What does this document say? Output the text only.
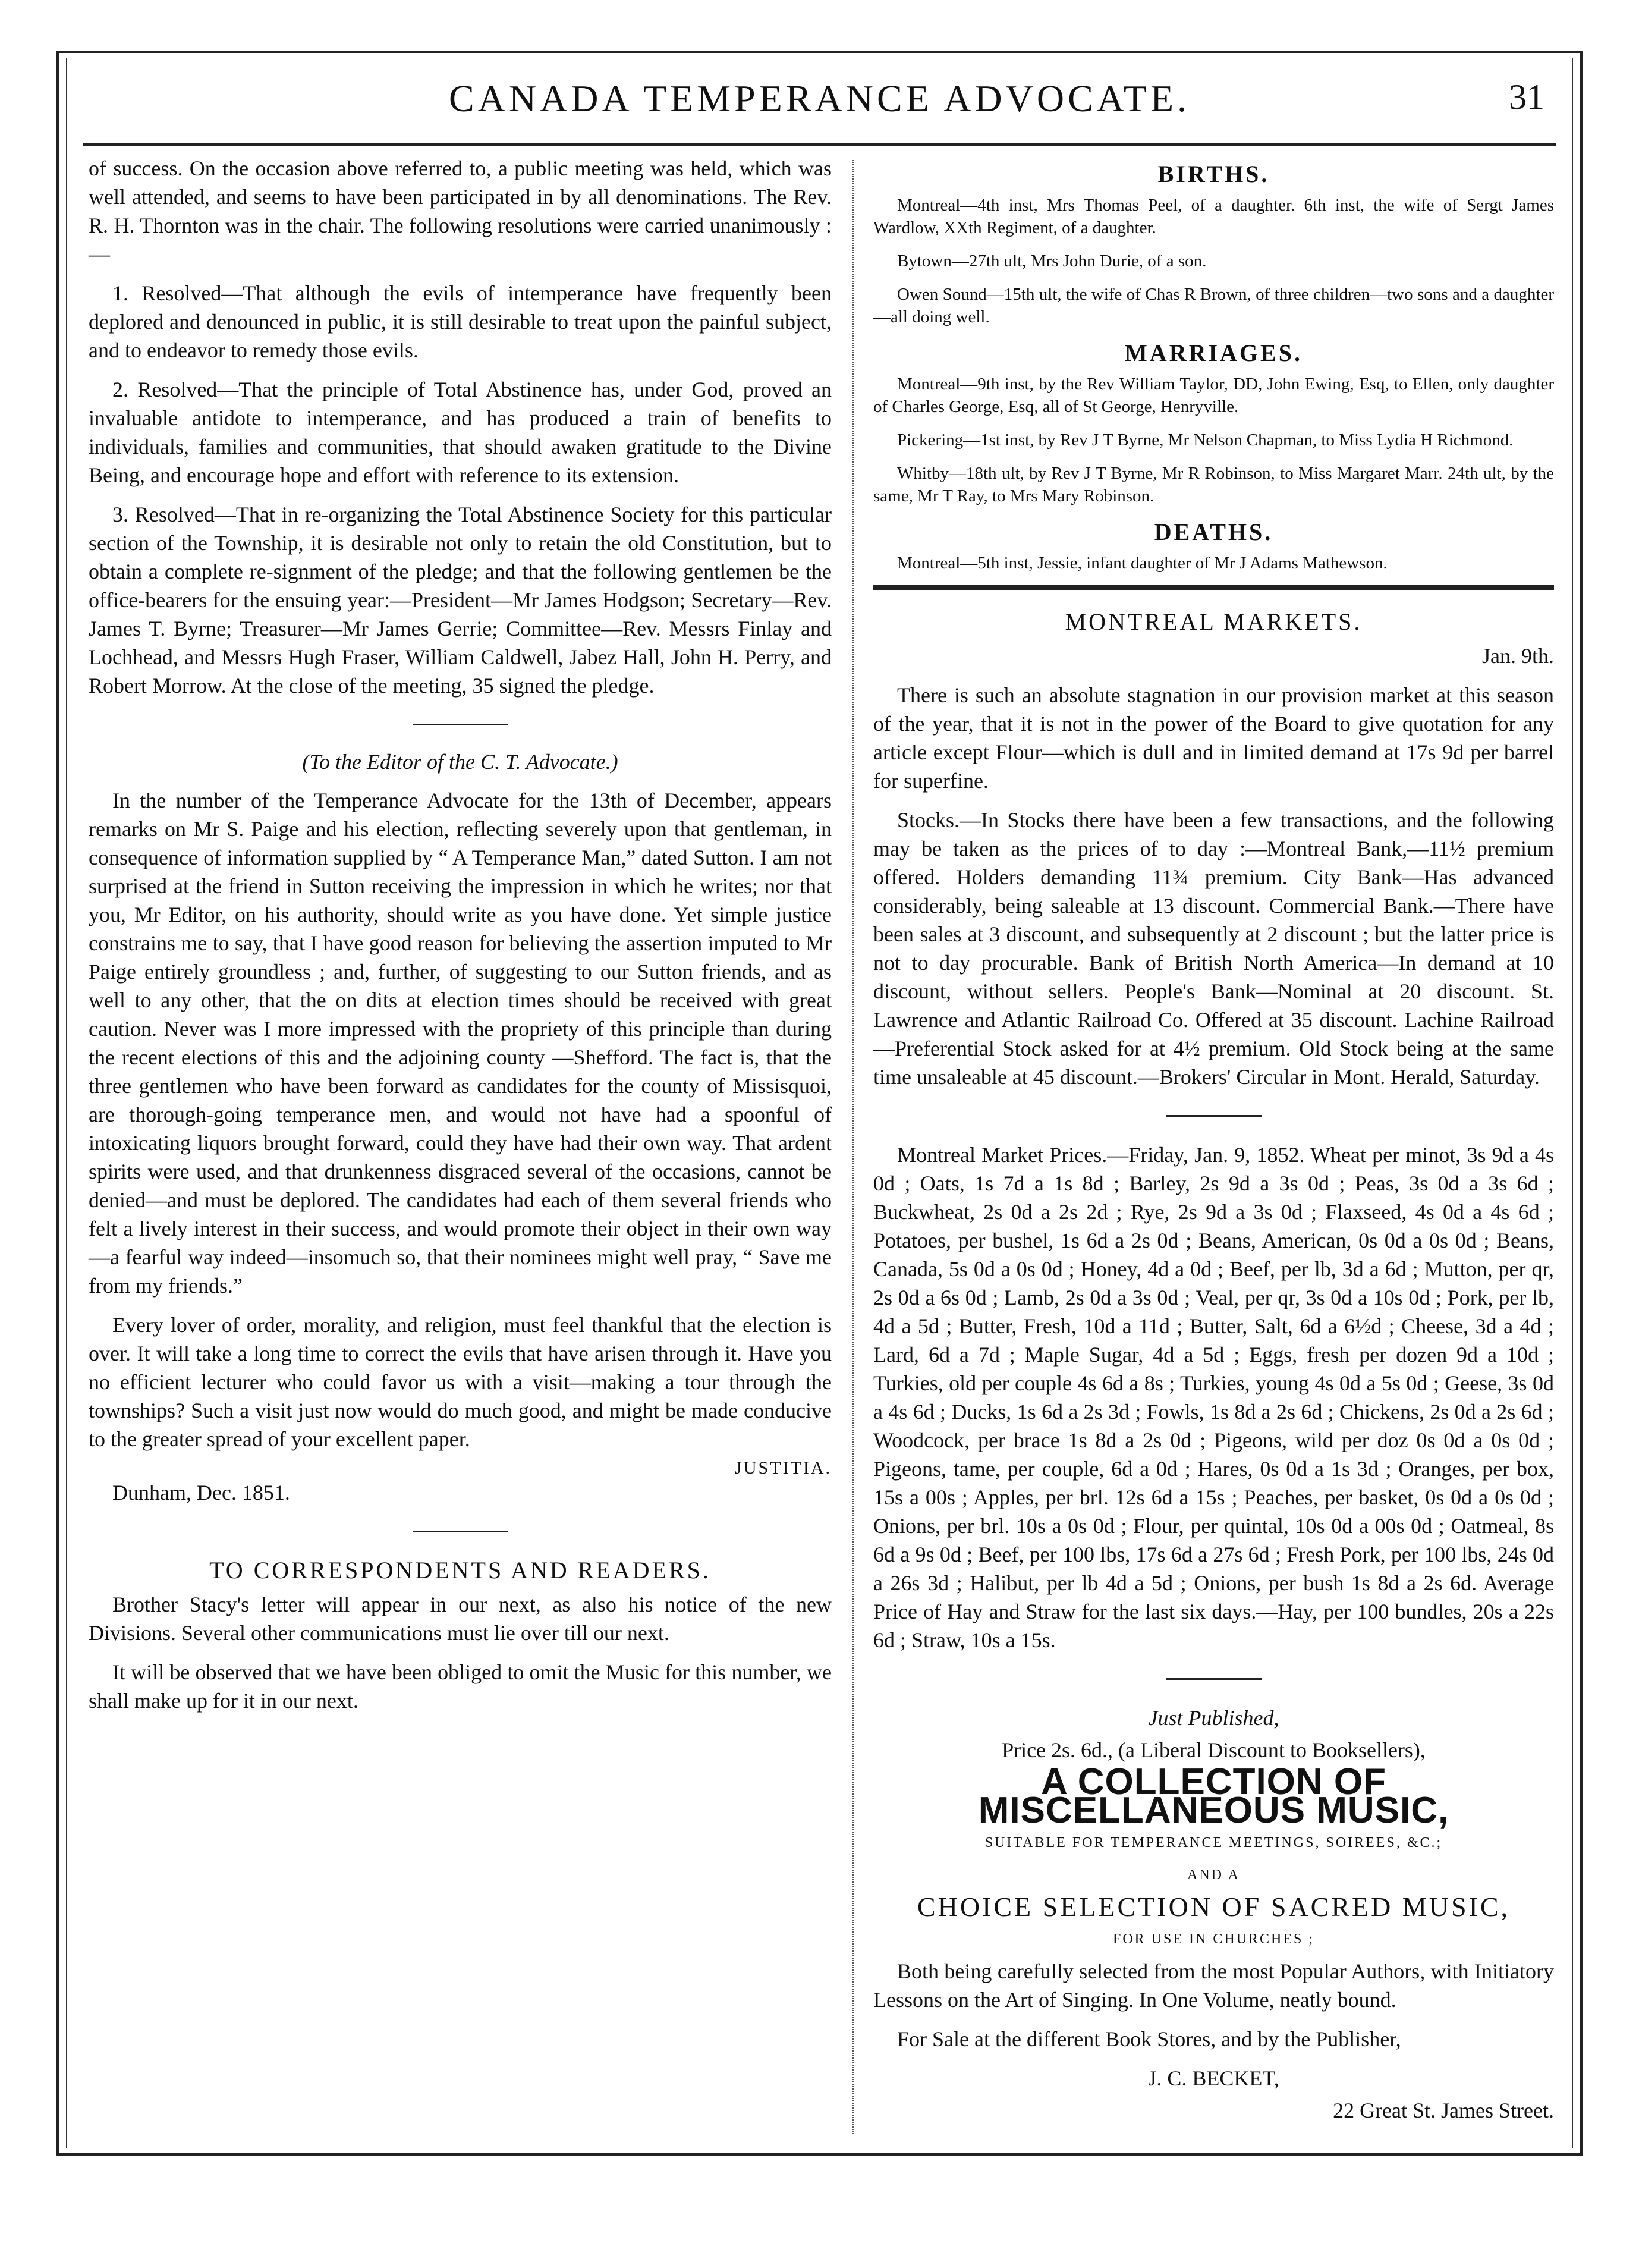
CANADA TEMPERANCE ADVOCATE.	31

of success. On the occasion above referred to, a public meeting was held, which was well attended, and seems to have been participated in by all denominations. The Rev. R. H. Thornton was in the chair. The following resolutions were carried unanimously :—

1. Resolved—That although the evils of intemperance have frequently been deplored and denounced in public, it is still desirable to treat upon the painful subject, and to endeavor to remedy those evils.

2. Resolved—That the principle of Total Abstinence has, under God, proved an invaluable antidote to intemperance, and has produced a train of benefits to individuals, families and communities, that should awaken gratitude to the Divine Being, and encourage hope and effort with reference to its extension.

3. Resolved—That in re-organizing the Total Abstinence Society for this particular section of the Township, it is desirable not only to retain the old Constitution, but to obtain a complete re-signment of the pledge; and that the following gentlemen be the office-bearers for the ensuing year:—President—Mr James Hodgson; Secretary—Rev. James T. Byrne; Treasurer—Mr James Gerrie; Committee—Rev. Messrs Finlay and Lochhead, and Messrs Hugh Fraser, William Caldwell, Jabez Hall, John H. Perry, and Robert Morrow. At the close of the meeting, 35 signed the pledge.

(To the Editor of the C. T. Advocate.)

In the number of the Temperance Advocate for the 13th of December, appears remarks on Mr S. Paige and his election, reflecting severely upon that gentleman, in consequence of information supplied by “ A Temperance Man,” dated Sutton. I am not surprised at the friend in Sutton receiving the impression in which he writes; nor that you, Mr Editor, on his authority, should write as you have done. Yet simple justice constrains me to say, that I have good reason for believing the assertion imputed to Mr Paige entirely groundless ; and, further, of suggesting to our Sutton friends, and as well to any other, that the on dits at election times should be received with great caution. Never was I more impressed with the propriety of this principle than during the recent elections of this and the adjoining county —Shefford. The fact is, that the three gentlemen who have been forward as candidates for the county of Missisquoi, are thorough-going temperance men, and would not have had a spoonful of intoxicating liquors brought forward, could they have had their own way. That ardent spirits were used, and that drunkenness disgraced several of the occasions, cannot be denied—and must be deplored. The candidates had each of them several friends who felt a lively interest in their success, and would promote their object in their own way—a fearful way indeed—insomuch so, that their nominees might well pray, “ Save me from my friends.”

Every lover of order, morality, and religion, must feel thankful that the election is over. It will take a long time to correct the evils that have arisen through it. Have you no efficient lecturer who could favor us with a visit—making a tour through the townships? Such a visit just now would do much good, and might be made conducive to the greater spread of your excellent paper.

JUSTITIA.

Dunham, Dec. 1851.

TO CORRESPONDENTS AND READERS.

Brother Stacy's letter will appear in our next, as also his notice of the new Divisions. Several other communications must lie over till our next.

It will be observed that we have been obliged to omit the Music for this number, we shall make up for it in our next.

BIRTHS.

Montreal—4th inst, Mrs Thomas Peel, of a daughter. 6th inst, the wife of Sergt James Wardlow, XXth Regiment, of a daughter.

Bytown—27th ult, Mrs John Durie, of a son.

Owen Sound—15th ult, the wife of Chas R Brown, of three children—two sons and a daughter—all doing well.

MARRIAGES.

Montreal—9th inst, by the Rev William Taylor, DD, John Ewing, Esq, to Ellen, only daughter of Charles George, Esq, all of St George, Henryville.

Pickering—1st inst, by Rev J T Byrne, Mr Nelson Chapman, to Miss Lydia H Richmond.

Whitby—18th ult, by Rev J T Byrne, Mr R Robinson, to Miss Margaret Marr. 24th ult, by the same, Mr T Ray, to Mrs Mary Robinson.

DEATHS.

Montreal—5th inst, Jessie, infant daughter of Mr J Adams Mathewson.

MONTREAL MARKETS.

Jan. 9th.

There is such an absolute stagnation in our provision market at this season of the year, that it is not in the power of the Board to give quotation for any article except Flour—which is dull and in limited demand at 17s 9d per barrel for superfine.

Stocks.—In Stocks there have been a few transactions, and the following may be taken as the prices of to day :—Montreal Bank,—11½ premium offered. Holders demanding 11¾ premium. City Bank—Has advanced considerably, being saleable at 13 discount. Commercial Bank.—There have been sales at 3 discount, and subsequently at 2 discount ; but the latter price is not to day procurable. Bank of British North America—In demand at 10 discount, without sellers. People's Bank—Nominal at 20 discount. St. Lawrence and Atlantic Railroad Co. Offered at 35 discount. Lachine Railroad—Preferential Stock asked for at 4½ premium. Old Stock being at the same time unsaleable at 45 discount.—Brokers' Circular in Mont. Herald, Saturday.

Montreal Market Prices.—Friday, Jan. 9, 1852. Wheat per minot, 3s 9d a 4s 0d ; Oats, 1s 7d a 1s 8d ; Barley, 2s 9d a 3s 0d ; Peas, 3s 0d a 3s 6d ; Buckwheat, 2s 0d a 2s 2d ; Rye, 2s 9d a 3s 0d ; Flaxseed, 4s 0d a 4s 6d ; Potatoes, per bushel, 1s 6d a 2s 0d ; Beans, American, 0s 0d a 0s 0d ; Beans, Canada, 5s 0d a 0s 0d ; Honey, 4d a 0d ; Beef, per lb, 3d a 6d ; Mutton, per qr, 2s 0d a 6s 0d ; Lamb, 2s 0d a 3s 0d ; Veal, per qr, 3s 0d a 10s 0d ; Pork, per lb, 4d a 5d ; Butter, Fresh, 10d a 11d ; Butter, Salt, 6d a 6½d ; Cheese, 3d a 4d ; Lard, 6d a 7d ; Maple Sugar, 4d a 5d ; Eggs, fresh per dozen 9d a 10d ; Turkies, old per couple 4s 6d a 8s ; Turkies, young 4s 0d a 5s 0d ; Geese, 3s 0d a 4s 6d ; Ducks, 1s 6d a 2s 3d ; Fowls, 1s 8d a 2s 6d ; Chickens, 2s 0d a 2s 6d ; Woodcock, per brace 1s 8d a 2s 0d ; Pigeons, wild per doz 0s 0d a 0s 0d ; Pigeons, tame, per couple, 6d a 0d ; Hares, 0s 0d a 1s 3d ; Oranges, per box, 15s a 00s ; Apples, per brl. 12s 6d a 15s ; Peaches, per basket, 0s 0d a 0s 0d ; Onions, per brl. 10s a 0s 0d ; Flour, per quintal, 10s 0d a 00s 0d ; Oatmeal, 8s 6d a 9s 0d ; Beef, per 100 lbs, 17s 6d a 27s 6d ; Fresh Pork, per 100 lbs, 24s 0d a 26s 3d ; Halibut, per lb 4d a 5d ; Onions, per bush 1s 8d a 2s 6d. Average Price of Hay and Straw for the last six days.—Hay, per 100 bundles, 20s a 22s 6d ; Straw, 10s a 15s.

Just Published,

Price 2s. 6d., (a Liberal Discount to Booksellers),

A COLLECTION OF MISCELLANEOUS MUSIC,

SUITABLE FOR TEMPERANCE MEETINGS, SOIREES, &C.;

AND A

CHOICE SELECTION OF SACRED MUSIC,

FOR USE IN CHURCHES ;

Both being carefully selected from the most Popular Authors, with Initiatory Lessons on the Art of Singing. In One Volume, neatly bound.

For Sale at the different Book Stores, and by the Publisher,

J. C. BECKET,

22 Great St. James Street.
